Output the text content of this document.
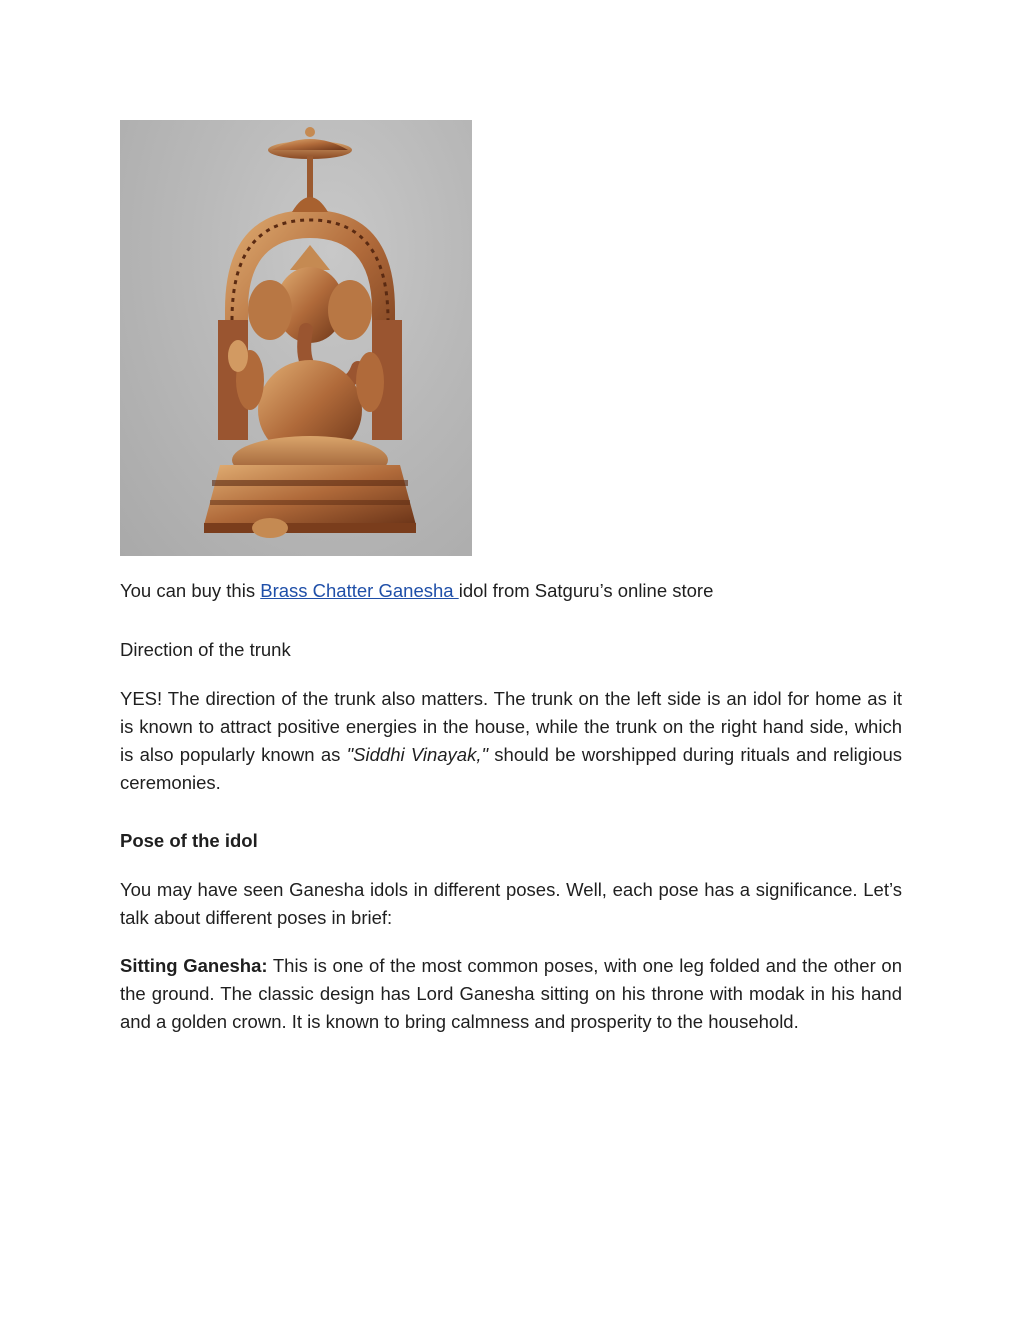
You can buy this Brass Chatter Ganesha idol from Satguru’s online store

Direction of the trunk

YES! The direction of the trunk also matters. The trunk on the left side is an idol for home as it is known to attract positive energies in the house, while the trunk on the right hand side, which is also popularly known as "Siddhi Vinayak," should be worshipped during rituals and religious ceremonies.

Pose of the idol

You may have seen Ganesha idols in different poses. Well, each pose has a significance. Let’s talk about different poses in brief:

Sitting Ganesha: This is one of the most common poses, with one leg folded and the other on the ground. The classic design has Lord Ganesha sitting on his throne with modak in his hand and a golden crown. It is known to bring calmness and prosperity to the household.
